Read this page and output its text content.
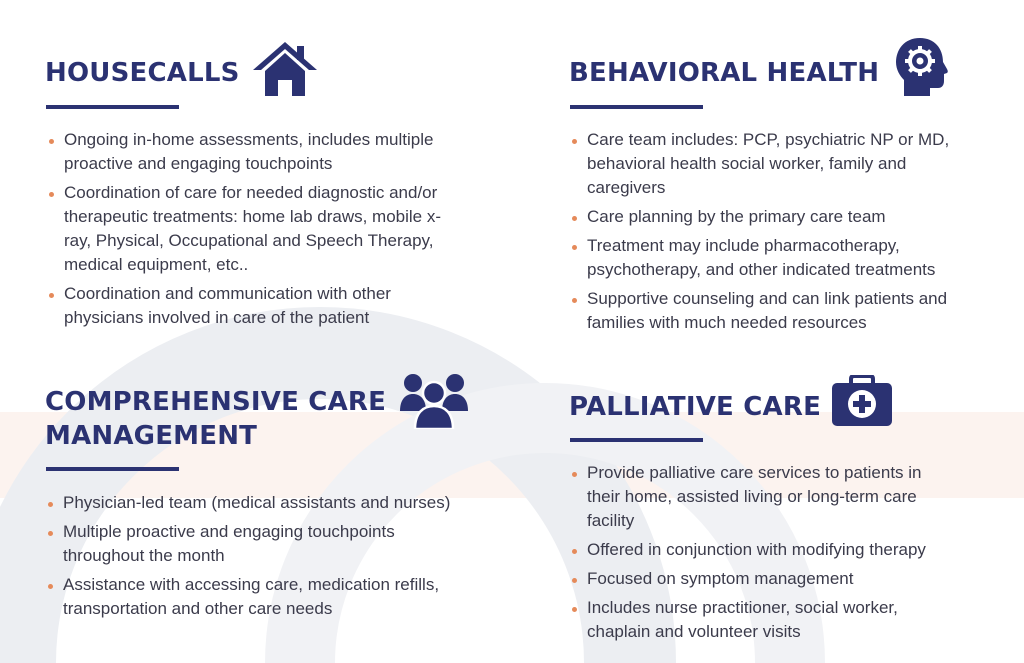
HOUSECALLS
Ongoing in-home assessments, includes multiple proactive and engaging touchpoints
Coordination of care for needed diagnostic and/or therapeutic treatments: home lab draws, mobile x-ray, Physical, Occupational and Speech Therapy, medical equipment, etc..
Coordination and communication with other physicians involved in care of the patient
BEHAVIORAL HEALTH
Care team includes: PCP, psychiatric NP or MD, behavioral health social worker, family and caregivers
Care planning by the primary care team
Treatment may include pharmacotherapy, psychotherapy, and other indicated treatments
Supportive counseling and can link patients and families with much needed resources
COMPREHENSIVE CARE MANAGEMENT
Physician-led team (medical assistants and nurses)
Multiple proactive and engaging touchpoints throughout the month
Assistance with accessing care, medication refills, transportation and other care needs
PALLIATIVE CARE
Provide palliative care services to patients in their home, assisted living or long-term care facility
Offered in conjunction with modifying therapy
Focused on symptom management
Includes nurse practitioner, social worker, chaplain and volunteer visits
